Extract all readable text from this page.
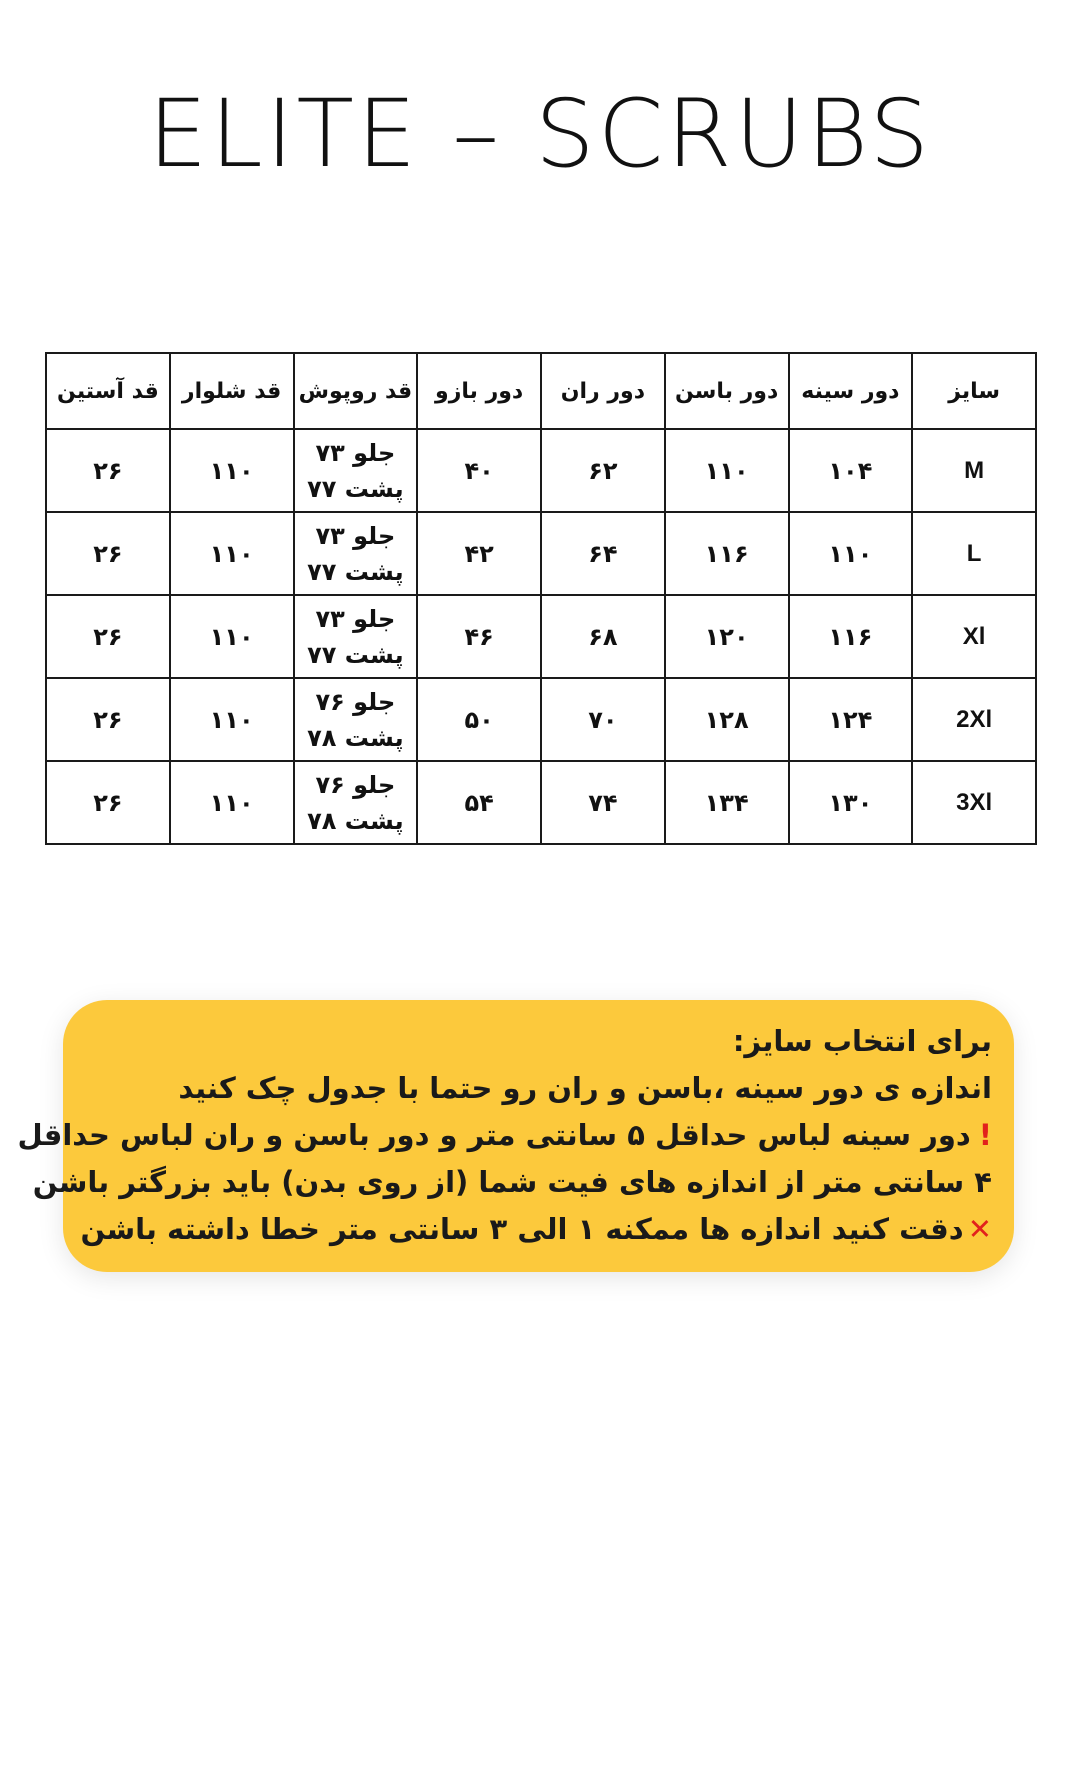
ELITE – SCRUBS
سایز	دور سینه	دور باسن	دور ران	دور بازو	قد روپوش	قد شلوار	قد آستین
M	۱۰۴	۱۱۰	۶۲	۴۰	جلو ۷۳
پشت ۷۷	۱۱۰	۲۶
L	۱۱۰	۱۱۶	۶۴	۴۲	جلو ۷۳
پشت ۷۷	۱۱۰	۲۶
Xl	۱۱۶	۱۲۰	۶۸	۴۶	جلو ۷۳
پشت ۷۷	۱۱۰	۲۶
2Xl	۱۲۴	۱۲۸	۷۰	۵۰	جلو ۷۶
پشت ۷۸	۱۱۰	۲۶
3Xl	۱۳۰	۱۳۴	۷۴	۵۴	جلو ۷۶
پشت ۷۸	۱۱۰	۲۶
برای انتخاب سایز:
اندازه ی دور سینه ،باسن و ران رو حتما با جدول چک کنید
!دور سینه لباس حداقل ۵ سانتی متر و دور باسن و ران لباس حداقل
۴ سانتی متر از اندازه های فیت شما (از روی بدن) باید بزرگتر باشن
✕دقت کنید اندازه ها ممکنه ۱ الی ۳ سانتی متر خطا داشته باشن
